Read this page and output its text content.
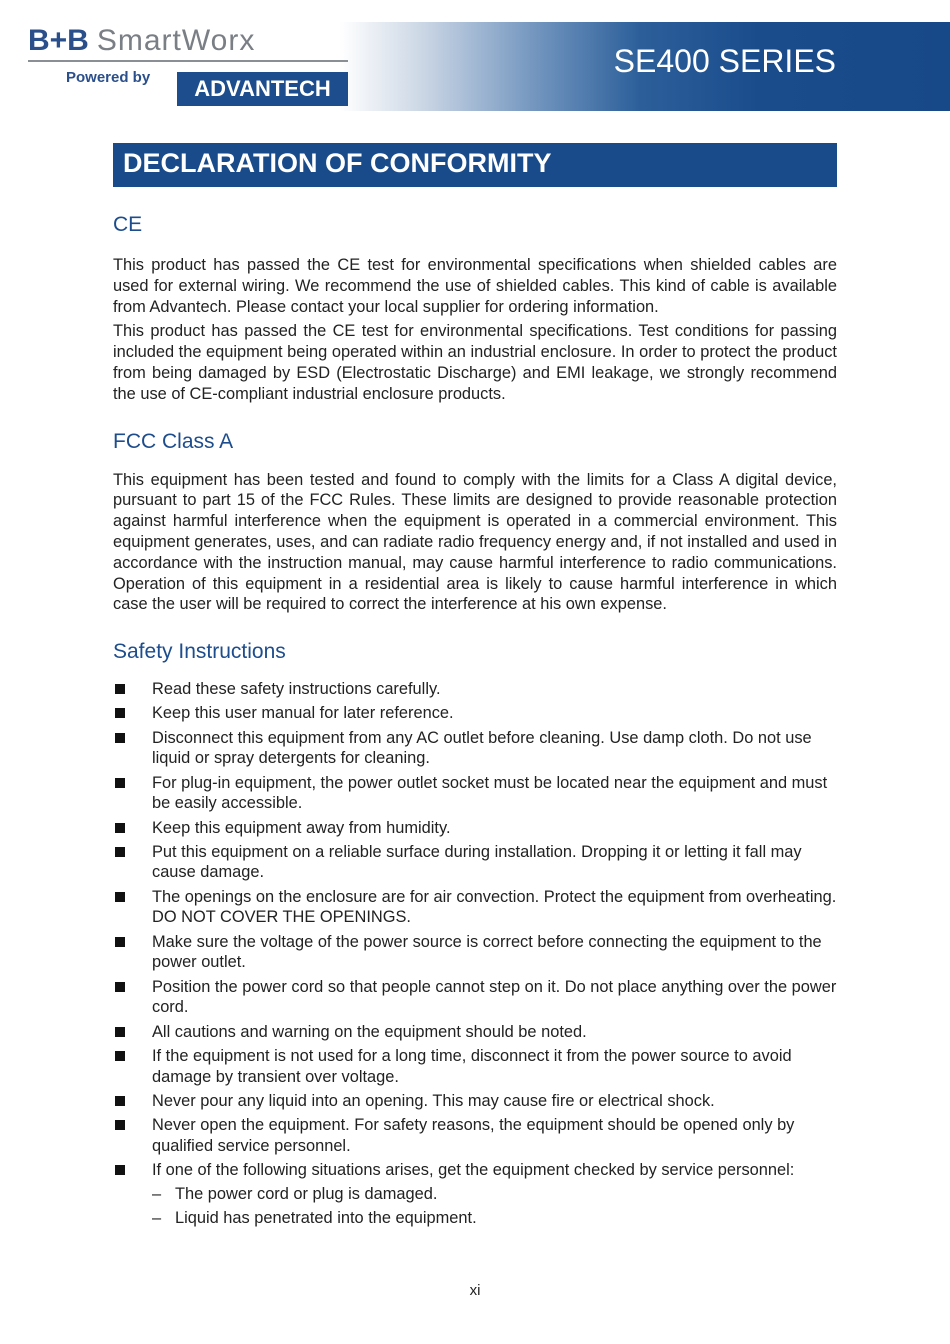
B+B SmartWorx
Powered by ADVANTECH
SE400 SERIES
DECLARATION OF CONFORMITY
CE

This product has passed the CE test for environmental specifications when shielded cables are used for external wiring. We recommend the use of shielded cables. This kind of cable is available from Advantech. Please contact your local supplier for ordering information.

This product has passed the CE test for environmental specifications. Test conditions for passing included the equipment being operated within an industrial enclosure. In order to protect the product from being damaged by ESD (Electrostatic Discharge) and EMI leakage, we strongly recommend the use of CE-compliant industrial enclosure products.

FCC Class A

This equipment has been tested and found to comply with the limits for a Class A digital device, pursuant to part 15 of the FCC Rules. These limits are designed to provide reasonable protection against harmful interference when the equipment is operated in a commercial environment. This equipment generates, uses, and can radiate radio frequency energy and, if not installed and used in accordance with the instruction manual, may cause harmful interference to radio communications. Operation of this equipment in a residential area is likely to cause harmful interference in which case the user will be required to correct the interference at his own expense.

Safety Instructions
Read these safety instructions carefully.
Keep this user manual for later reference.
Disconnect this equipment from any AC outlet before cleaning. Use damp cloth. Do not use liquid or spray detergents for cleaning.
For plug-in equipment, the power outlet socket must be located near the equipment and must be easily accessible.
Keep this equipment away from humidity.
Put this equipment on a reliable surface during installation. Dropping it or letting it fall may cause damage.
The openings on the enclosure are for air convection. Protect the equipment from overheating. DO NOT COVER THE OPENINGS.
Make sure the voltage of the power source is correct before connecting the equipment to the power outlet.
Position the power cord so that people cannot step on it. Do not place anything over the power cord.
All cautions and warning on the equipment should be noted.
If the equipment is not used for a long time, disconnect it from the power source to avoid damage by transient over voltage.
Never pour any liquid into an opening. This may cause fire or electrical shock.
Never open the equipment. For safety reasons, the equipment should be opened only by qualified service personnel.
If one of the following situations arises, get the equipment checked by service personnel:
– The power cord or plug is damaged.
– Liquid has penetrated into the equipment.
xi
